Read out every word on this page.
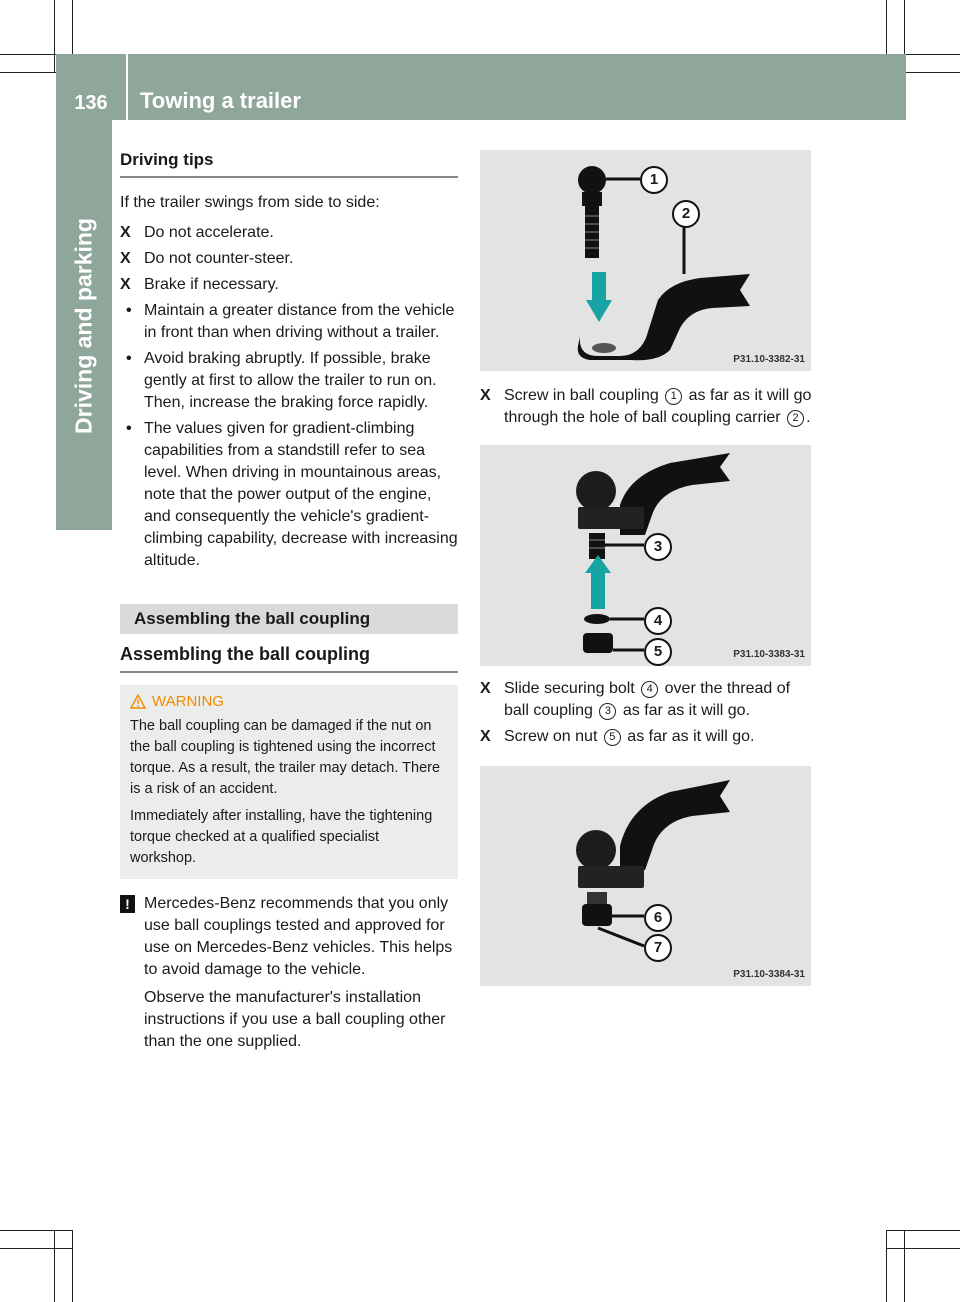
136	Towing a trailer
Driving and parking
Driving tips

If the trailer swings from side to side:

X Do not accelerate.
X Do not counter-steer.
X Brake if necessary.
• Maintain a greater distance from the vehicle in front than when driving without a trailer.
• Avoid braking abruptly. If possible, brake gently at first to allow the trailer to run on. Then, increase the braking force rapidly.
• The values given for gradient-climbing capabilities from a standstill refer to sea level. When driving in mountainous areas, note that the power output of the engine, and consequently the vehicle's gradient-climbing capability, decrease with increasing altitude.
Assembling the ball coupling
Assembling the ball coupling
WARNING

The ball coupling can be damaged if the nut on the ball coupling is tightened using the incorrect torque. As a result, the trailer may detach. There is a risk of an accident.

Immediately after installing, have the tightening torque checked at a qualified specialist workshop.

! Mercedes-Benz recommends that you only use ball couplings tested and approved for use on Mercedes-Benz vehicles. This helps to avoid damage to the vehicle.
Observe the manufacturer's installation instructions if you use a ball coupling other than the one supplied.
1
2
P31.10-3382-31
X Screw in ball coupling 1 as far as it will go through the hole of ball coupling carrier 2 .
3
4
5	P31.10-3383-31
X Slide securing bolt 4 over the thread of ball coupling 3 as far as it will go.
X Screw on nut 5 as far as it will go.
6
7
P31.10-3384-31
